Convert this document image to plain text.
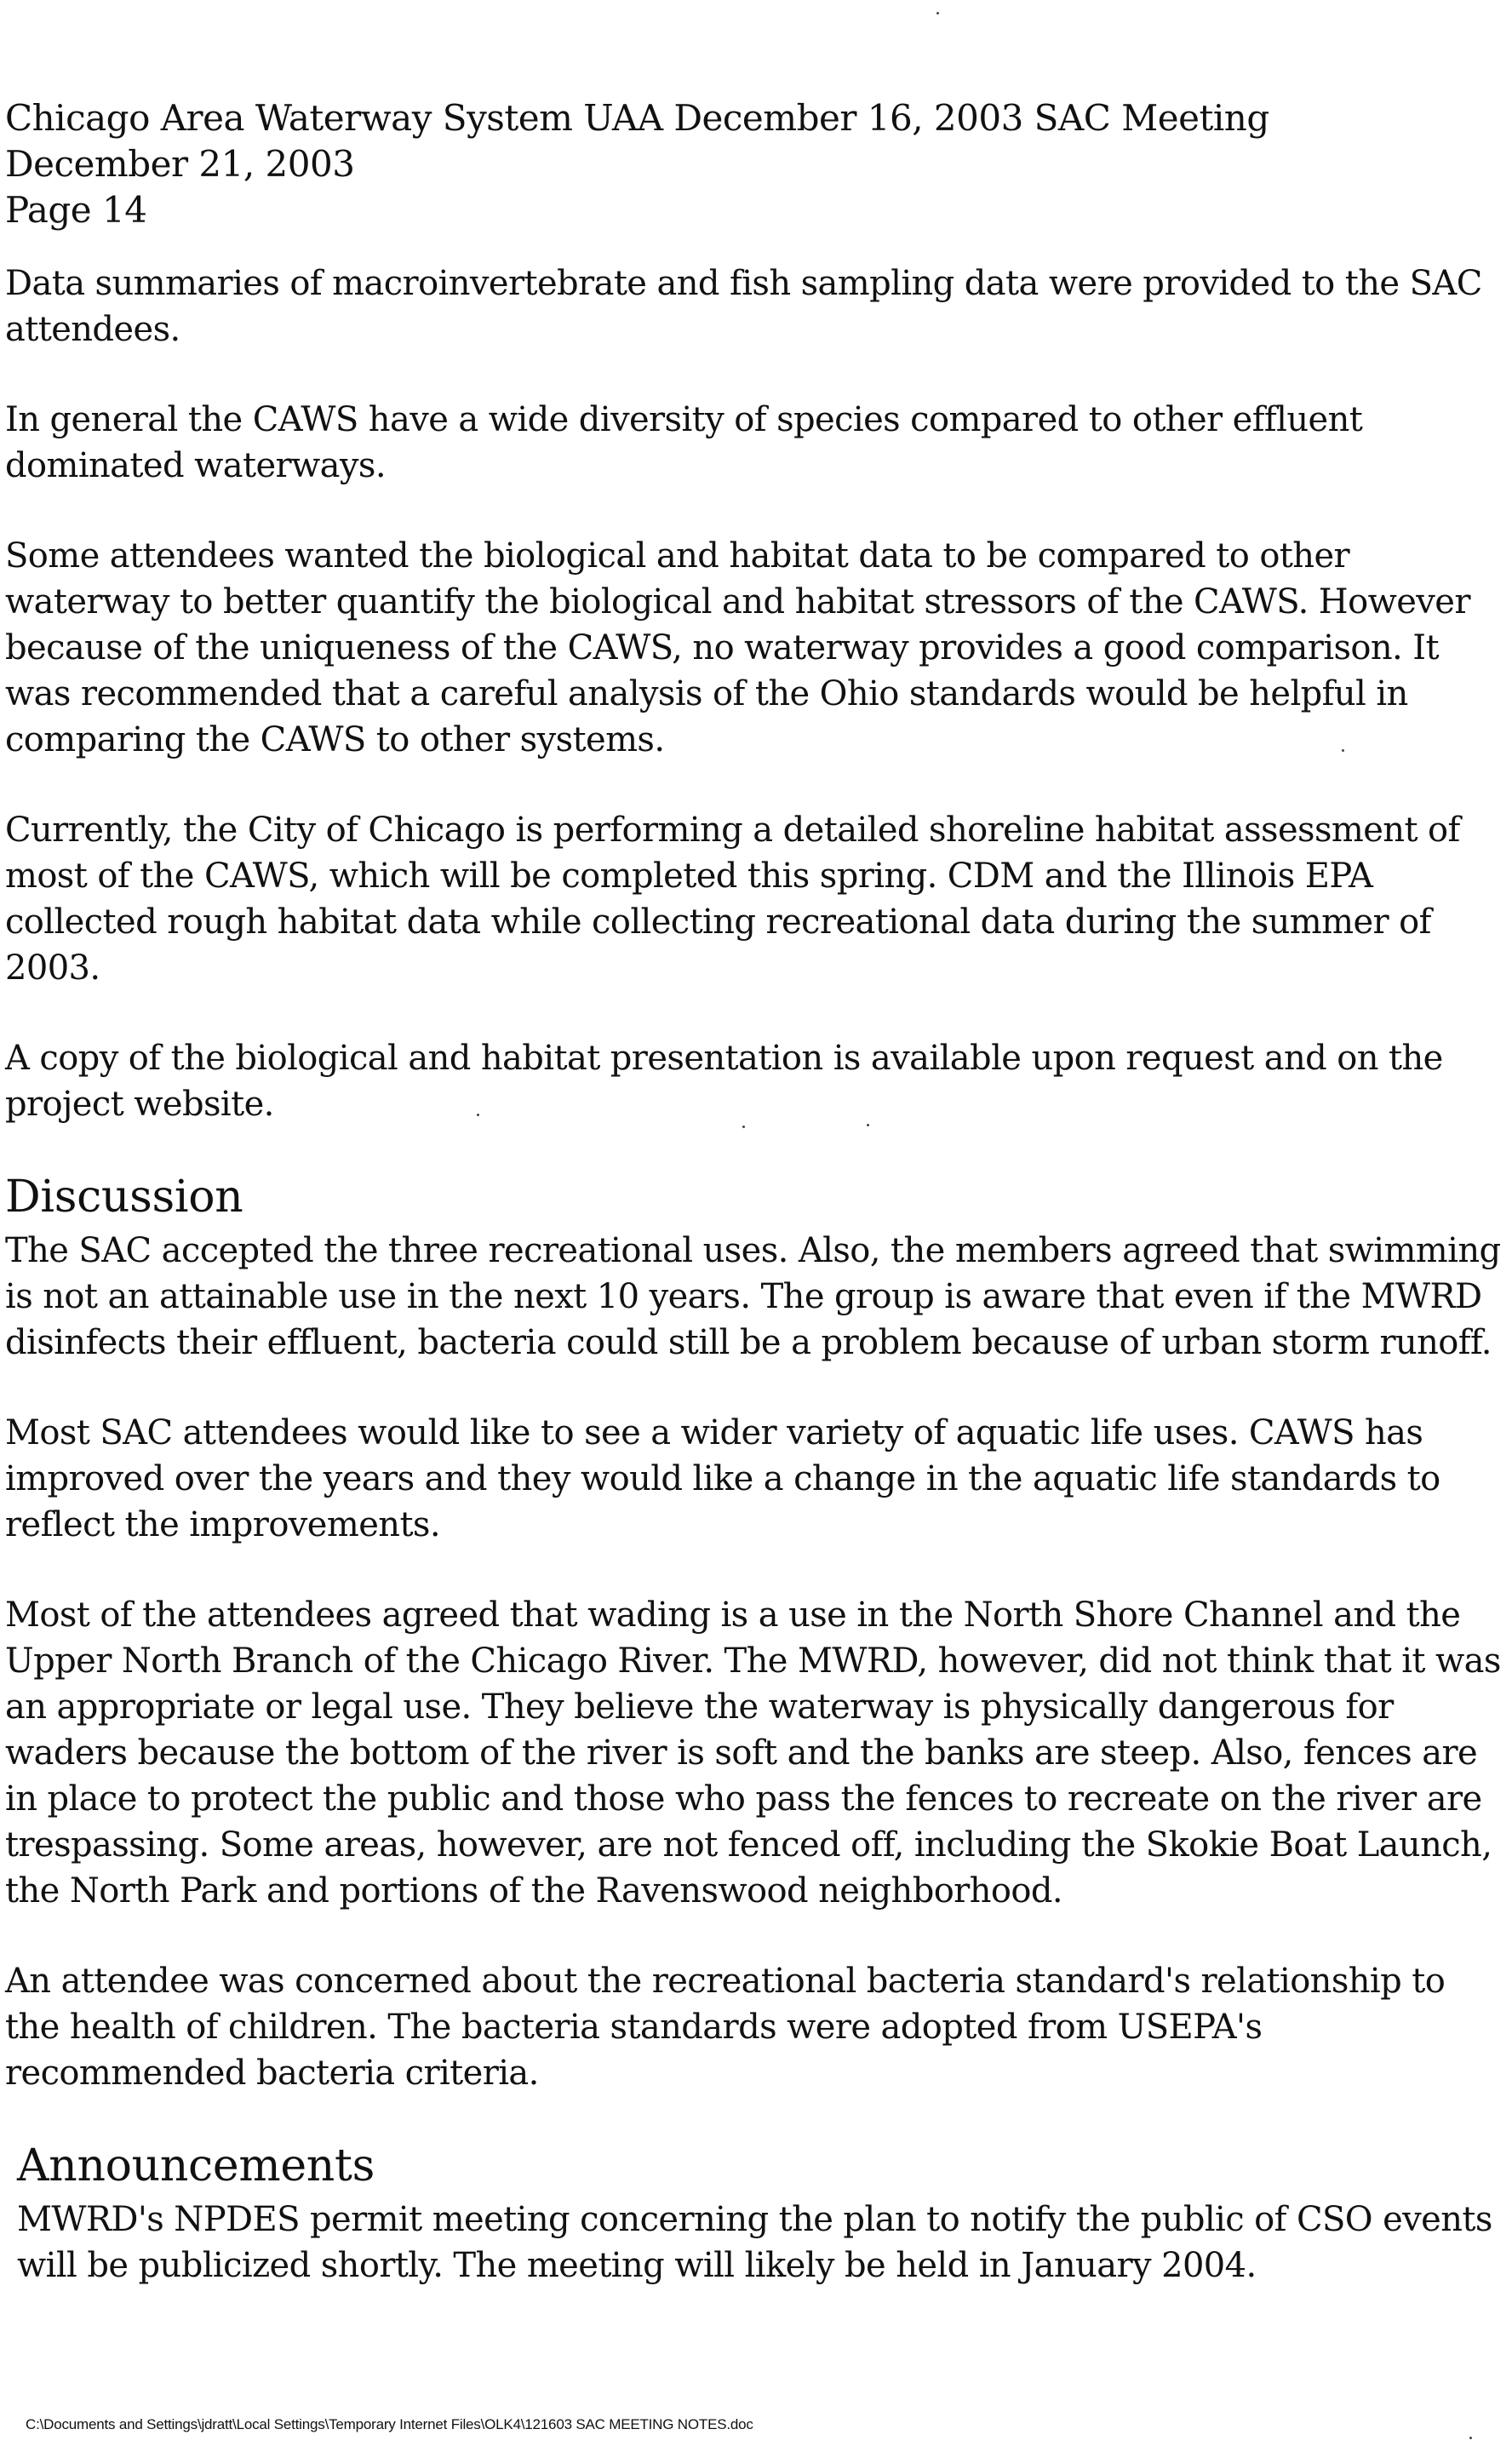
Chicago Area Waterway System UAA December 16, 2003 SAC Meeting
December 21, 2003
Page 14

Data summaries of macroinvertebrate and fish sampling data were provided to the SAC attendees.

In general the CAWS have a wide diversity of species compared to other effluent dominated waterways.

Some attendees wanted the biological and habitat data to be compared to other waterway to better quantify the biological and habitat stressors of the CAWS. However because of the uniqueness of the CAWS, no waterway provides a good comparison. It was recommended that a careful analysis of the Ohio standards would be helpful in comparing the CAWS to other systems.

Currently, the City of Chicago is performing a detailed shoreline habitat assessment of most of the CAWS, which will be completed this spring. CDM and the Illinois EPA collected rough habitat data while collecting recreational data during the summer of 2003.

A copy of the biological and habitat presentation is available upon request and on the project website.

Discussion

The SAC accepted the three recreational uses. Also, the members agreed that swimming is not an attainable use in the next 10 years. The group is aware that even if the MWRD disinfects their effluent, bacteria could still be a problem because of urban storm runoff.

Most SAC attendees would like to see a wider variety of aquatic life uses. CAWS has improved over the years and they would like a change in the aquatic life standards to reflect the improvements.

Most of the attendees agreed that wading is a use in the North Shore Channel and the Upper North Branch of the Chicago River. The MWRD, however, did not think that it was an appropriate or legal use. They believe the waterway is physically dangerous for waders because the bottom of the river is soft and the banks are steep. Also, fences are in place to protect the public and those who pass the fences to recreate on the river are trespassing. Some areas, however, are not fenced off, including the Skokie Boat Launch, the North Park and portions of the Ravenswood neighborhood.

An attendee was concerned about the recreational bacteria standard's relationship to the health of children. The bacteria standards were adopted from USEPA's recommended bacteria criteria.

Announcements

MWRD's NPDES permit meeting concerning the plan to notify the public of CSO events will be publicized shortly. The meeting will likely be held in January 2004.

C:\Documents and Settings\jdratt\Local Settings\Temporary Internet Files\OLK4\121603 SAC MEETING NOTES.doc
